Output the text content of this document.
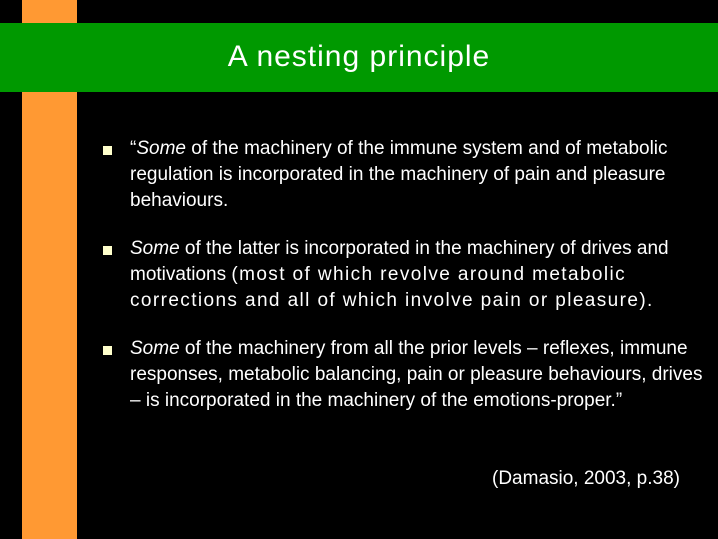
A nesting principle
“Some of the machinery of the immune system and of metabolic regulation is incorporated in the machinery of pain and pleasure behaviours.
Some of the latter is incorporated in the machinery of drives and motivations (most of which revolve around metabolic corrections and all of which involve pain or pleasure).
Some of the machinery from all the prior levels – reflexes, immune responses, metabolic balancing, pain or pleasure behaviours, drives – is incorporated in the machinery of the emotions-proper.”
(Damasio, 2003, p.38)
